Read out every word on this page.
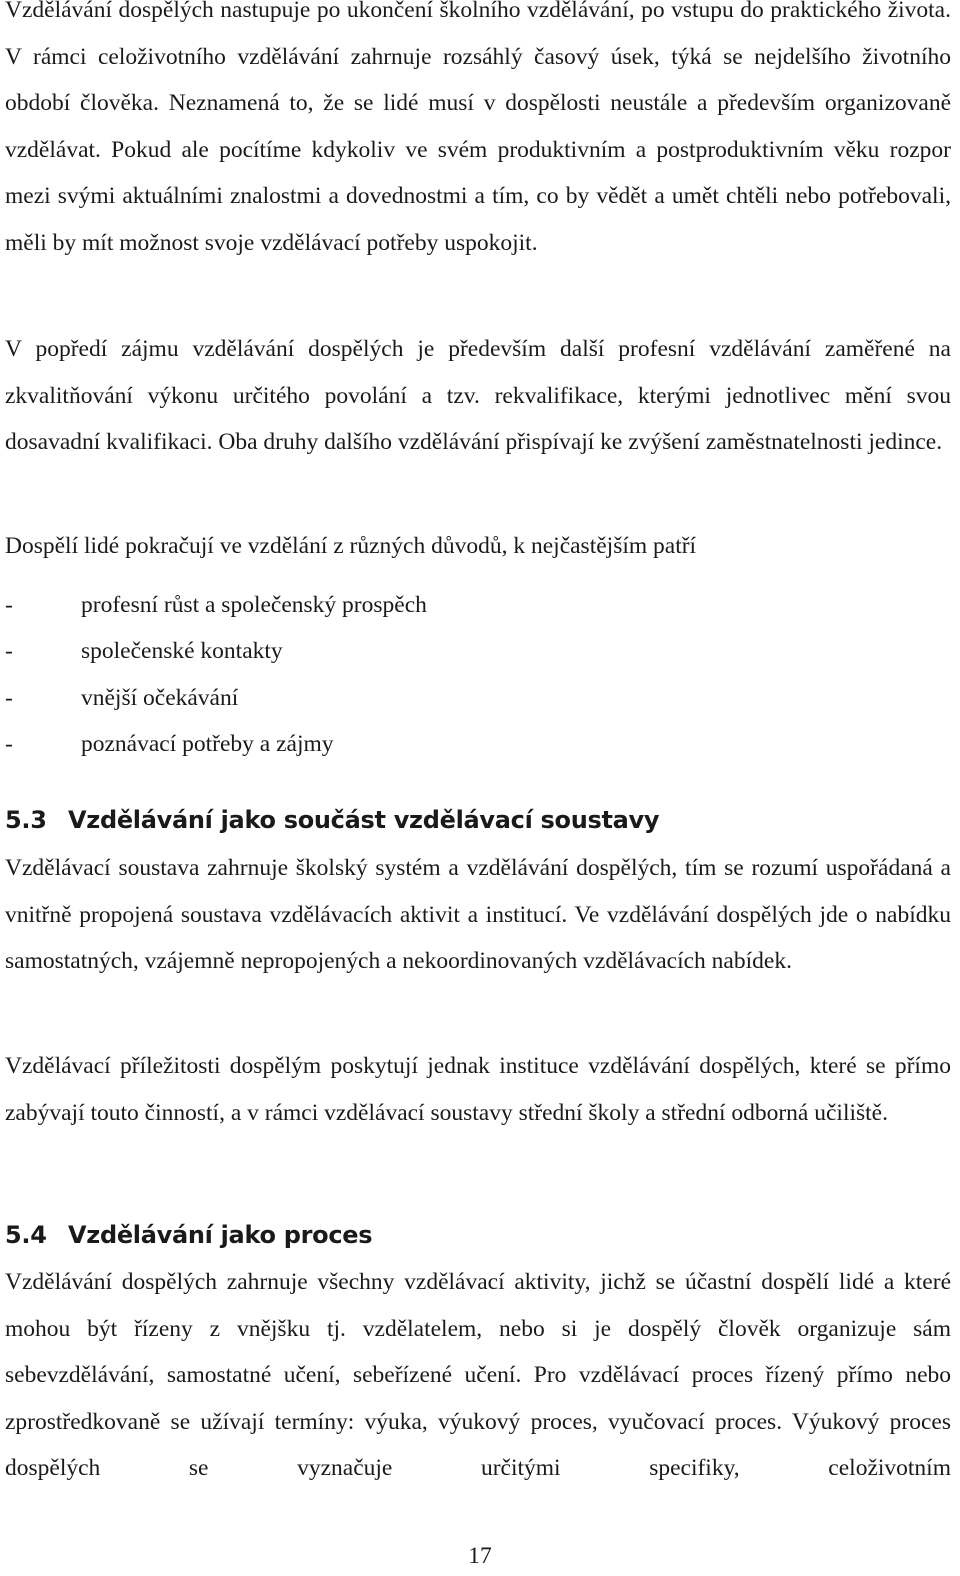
Vzdělávání dospělých nastupuje po ukončení školního vzdělávání, po vstupu do praktického života. V rámci celoživotního vzdělávání zahrnuje rozsáhlý časový úsek, týká se nejdelšího životního období člověka. Neznamená to, že se lidé musí v dospělosti neustále a především organizovaně vzdělávat. Pokud ale pocítíme kdykoliv ve svém produktivním a postproduktivním věku rozpor mezi svými aktuálními znalostmi a dovednostmi a tím, co by vědět a umět chtěli nebo potřebovali, měli by mít možnost svoje vzdělávací potřeby uspokojit.

V popředí zájmu vzdělávání dospělých je především další profesní vzdělávání zaměřené na zkvalitňování výkonu určitého povolání a tzv. rekvalifikace, kterými jednotlivec mění svou dosavadní kvalifikaci. Oba druhy dalšího vzdělávání přispívají ke zvýšení zaměstnatelnosti jedince.

Dospělí lidé pokračují ve vzdělání z různých důvodů, k nejčastějším patří

-	profesní růst a společenský prospěch
-	společenské kontakty
-	vnější očekávání
-	poznávací potřeby a zájmy
5.3 Vzdělávání jako součást vzdělávací soustavy

Vzdělávací soustava zahrnuje školský systém a vzdělávání dospělých, tím se rozumí uspořádaná a vnitřně propojená soustava vzdělávacích aktivit a institucí. Ve vzdělávání dospělých jde o nabídku samostatných, vzájemně nepropojených a nekoordinovaných vzdělávacích nabídek.

Vzdělávací příležitosti dospělým poskytují jednak instituce vzdělávání dospělých, které se přímo zabývají touto činností, a v rámci vzdělávací soustavy střední školy a střední odborná učiliště.

5.4 Vzdělávání jako proces

Vzdělávání dospělých zahrnuje všechny vzdělávací aktivity, jichž se účastní dospělí lidé a které mohou být řízeny z vnějšku tj. vzdělatelem, nebo si je dospělý člověk organizuje sám sebevzdělávání, samostatné učení, sebeřízené učení. Pro vzdělávací proces řízený přímo nebo zprostředkovaně se užívají termíny: výuka, výukový proces, vyučovací proces. Výukový proces dospělých se vyznačuje určitými specifiky, celoživotním

17
